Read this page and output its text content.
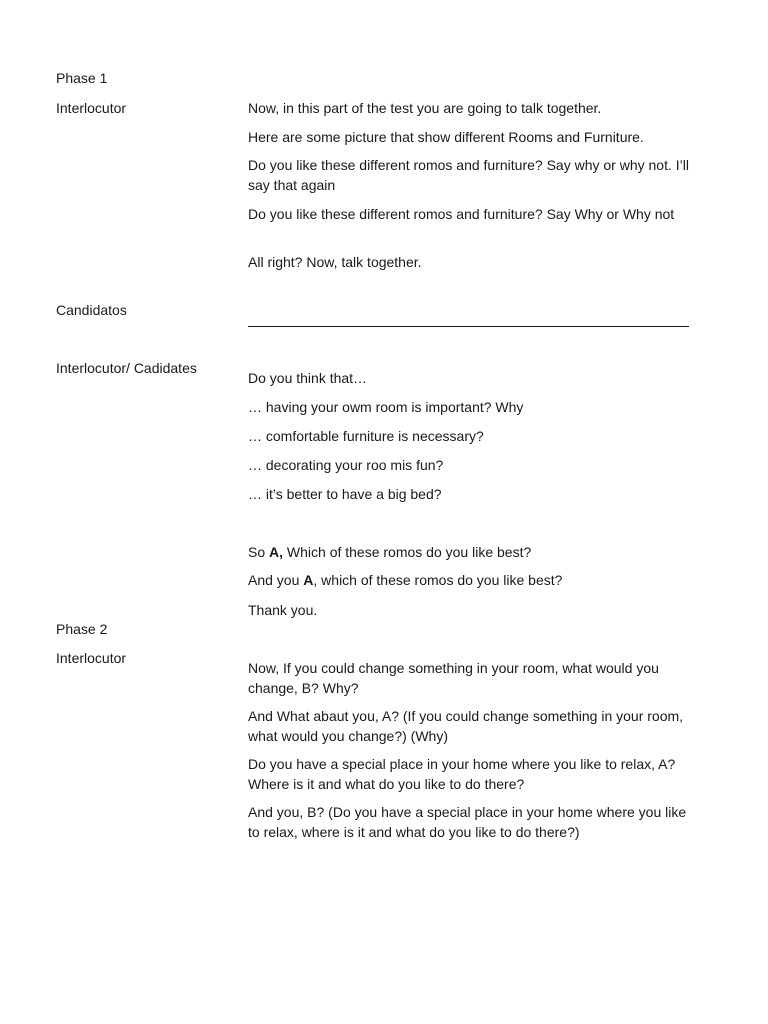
Phase 1
Interlocutor	Now, in this part of the test you are going to talk together.
Here are some picture that show different Rooms and Furniture.
Do you like these different romos and furniture? Say why or why not. I’ll say that again
Do you like these different romos and furniture? Say Why or Why not
All right? Now, talk together.
Candidatos
Interlocutor/ Cadidates
Do you think that…
… having your owm room is important? Why
… comfortable furniture is necessary?
… decorating your roo mis fun?
… it’s better to have a big bed?
So A, Which of these romos do you like best?
And you A, which of these romos do you like best?
Thank you.
Phase 2
Interlocutor
Now, If you could change something in your room, what would you change, B? Why?
And What abaut you, A? (If you could change something in your room, what would you change?) (Why)
Do you have a special place in your home where you like to relax, A? Where is it and what do you like to do there?
And you, B? (Do you have a special place in your home where you like to relax, where is it and what do you like to do there?)
